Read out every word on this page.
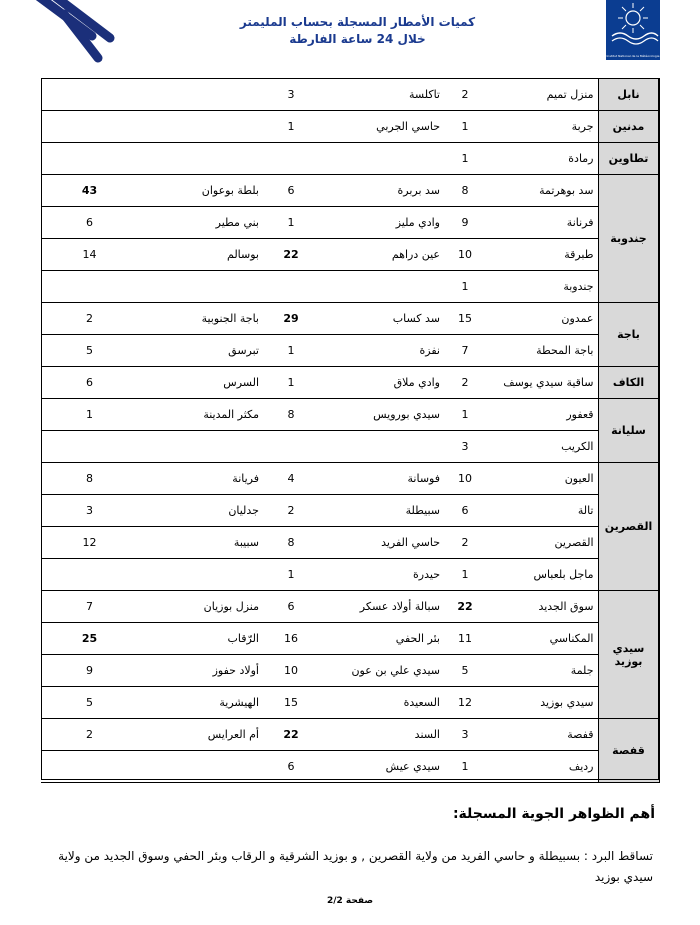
Institut National de la Météorologie
كميات الأمطار المسجلة بحساب المليمتر
خلال 24 ساعة الفارطة
نابل	منزل تميم	2	تاكلسة	3		
مدنين	جربة	1	حاسي الجربي	1		
تطاوين	رمادة	1				
جندوبة	سد بوهرتمة	8	سد بربرة	6	بلطة بوعوان	43
	فرنانة	9	وادي مليز	1	بني مطير	6
	طبرقة	10	عين دراهم	22	بوسالم	14
	جندوبة	1				
باجة	عمدون	15	سد كساب	29	باجة الجنوبية	2
	باجة المحطة	7	نفزة	1	تبرسق	5
الكاف	ساقية سيدي يوسف	2	وادي ملاق	1	السرس	6
سليانة	قعفور	1	سيدي بورويس	8	مكثر المدينة	1
	الكريب	3				
القصرين	العيون	10	فوسانة	4	فريانة	8
	تالة	6	سبيطلة	2	جدليان	3
	القصرين	2	حاسي الفريد	8	سبيبة	12
	ماجل بلعباس	1	حيدرة	1		
سيدي بوزيد	سوق الجديد	22	سبالة أولاد عسكر	6	منزل بوزيان	7
	المكناسي	11	بئر الحفي	16	الرّقاب	25
	جلمة	5	سيدي علي بن عون	10	أولاد حفوز	9
	سيدي بوزيد	12	السعيدة	15	الهيشرية	5
قفصة	قفصة	3	السند	22	أم العرايس	2
	رديف	1	سيدي عيش	6		
أهم الظواهر الجوية المسجلة:
تساقط البرد : بسبيطلة و حاسي الفريد من ولاية القصرين , و بوزيد الشرقية و الرقاب وبئر الحفي وسوق الجديد من ولاية سيدي بوزيد
صفحة 2/2
